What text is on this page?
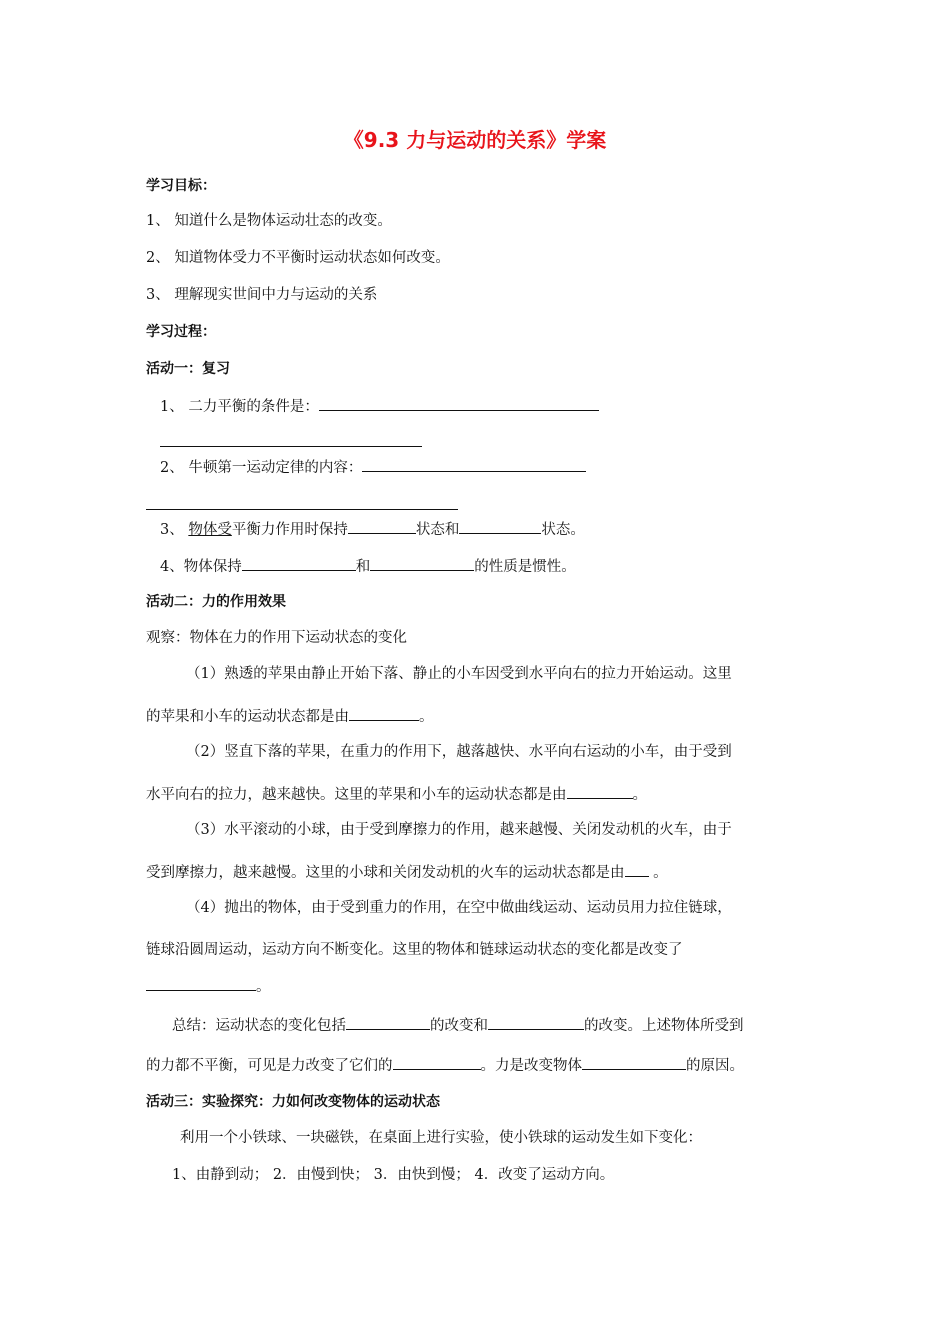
《9.3 力与运动的关系》学案
学习目标：
1、 知道什么是物体运动壮态的改变。
2、 知道物体受力不平衡时运动状态如何改变。
3、 理解现实世间中力与运动的关系
学习过程：
活动一：复习
1、 二力平衡的条件是：
2、 牛顿第一运动定律的内容：
3、 物体受平衡力作用时保持	状态和	状态。
4、物体保持	和	的性质是惯性。
活动二：力的作用效果
观察：物体在力的作用下运动状态的变化
（1）熟透的苹果由静止开始下落、静止的小车因受到水平向右的拉力开始运动。这里
的苹果和小车的运动状态都是由	。
（2）竖直下落的苹果，在重力的作用下，越落越快、水平向右运动的小车，由于受到
水平向右的拉力，越来越快。这里的苹果和小车的运动状态都是由	。
（3）水平滚动的小球，由于受到摩擦力的作用，越来越慢、关闭发动机的火车，由于
受到摩擦力，越来越慢。这里的小球和关闭发动机的火车的运动状态都是由 。
（4）抛出的物体，由于受到重力的作用，在空中做曲线运动、运动员用力拉住链球，
链球沿圆周运动，运动方向不断变化。这里的物体和链球运动状态的变化都是改变了
。
总结：运动状态的变化包括	的改变和	的改变。上述物体所受到
的力都不平衡，可见是力改变了它们的	。力是改变物体	的原因。
活动三：实验探究：力如何改变物体的运动状态
利用一个小铁球、一块磁铁，在桌面上进行实验，使小铁球的运动发生如下变化：
1、由静到动； 2．由慢到快； 3．由快到慢； 4．改变了运动方向。
